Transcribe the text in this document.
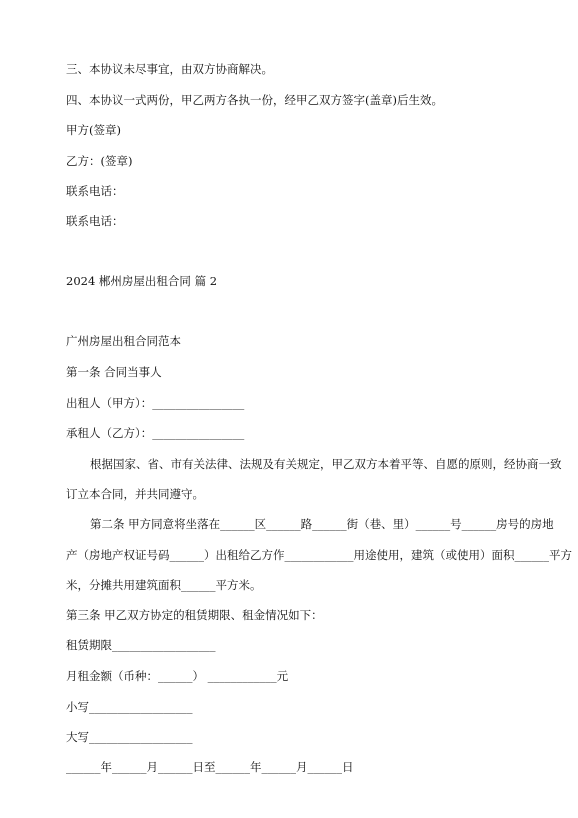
三、本协议未尽事宜，由双方协商解决。
四、本协议一式两份，甲乙两方各执一份，经甲乙双方签字(盖章)后生效。
甲方(签章)
乙方：(签章)
联系电话：
联系电话：
2024 郴州房屋出租合同 篇 2
广州房屋出租合同范本
第一条 合同当事人
出租人（甲方）：________________
承租人（乙方）：________________
根据国家、省、市有关法律、法规及有关规定，甲乙双方本着平等、自愿的原则，经协商一致
订立本合同，并共同遵守。
第二条 甲方同意将坐落在______区______路______街（巷、里）______号______房号的房地
产（房地产权证号码______）出租给乙方作____________用途使用，建筑（或使用）面积______平方
米，分摊共用建筑面积______平方米。
第三条 甲乙双方协定的租赁期限、租金情况如下：
租赁期限__________________
月租金额（币种：______） ____________元
小写__________________
大写__________________
______年______月______日至______年______月______日
